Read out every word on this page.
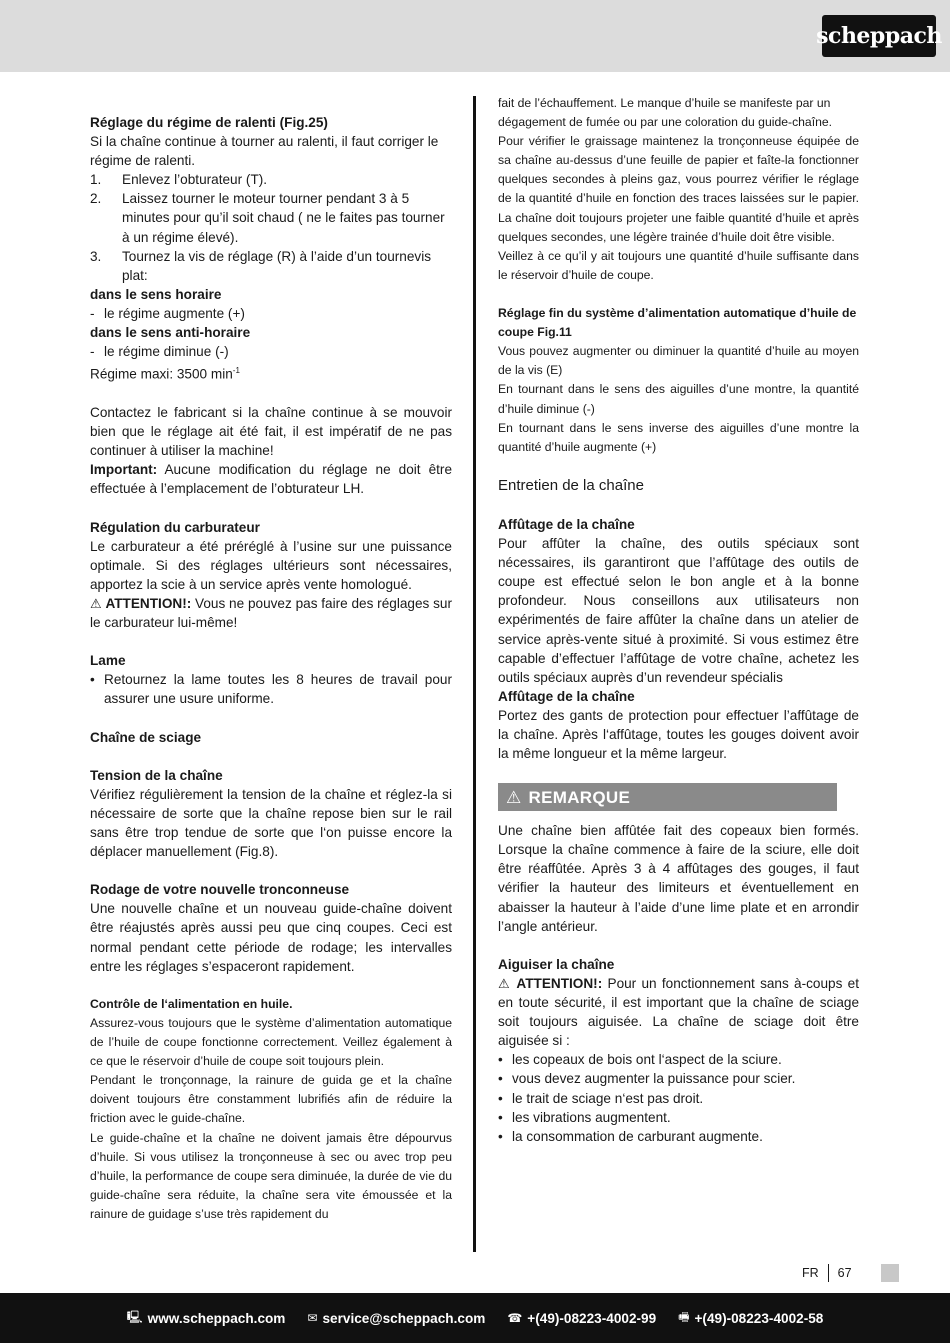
scheppach

Réglage du régime de ralenti (Fig.25)

Si la chaîne continue à tourner au ralenti, il faut corriger le régime de ralenti.

1.	Enlevez l’obturateur (T).
2.	Laissez tourner le moteur tourner pendant 3 à 5 minutes pour qu’il soit chaud ( ne le faites pas tourner à un régime élevé).
3.	Tournez la vis de réglage (R) à l’aide d’un tournevis plat:

dans le sens horaire

- le régime augmente (+)

dans le sens anti-horaire

- le régime diminue (-)

Régime maxi: 3500 $\min^{-1}$

Contactez le fabricant si la chaîne continue à se mouvoir bien que le réglage ait été fait, il est impératif de ne pas continuer à utiliser la machine!

Important: Aucune modification du réglage ne doit être effectuée à l’emplacement de l’obturateur LH.

Régulation du carburateur

Le carburateur a été préréglé à l’usine sur une puissance optimale. Si des réglages ultérieurs sont nécessaires, apportez la scie à un service après vente homologué.

⚠ ATTENTION!: Vous ne pouvez pas faire des réglages sur le carburateur lui-même!

Lame

• Retournez la lame toutes les 8 heures de travail pour assurer une usure uniforme.

Chaîne de sciage

Tension de la chaîne

Vérifiez régulièrement la tension de la chaîne et réglez-la si nécessaire de sorte que la chaîne repose bien sur le rail sans être trop tendue de sorte que l‘on puisse encore la déplacer manuellement (Fig.8).

Rodage de votre nouvelle tronconneuse

Une nouvelle chaîne et un nouveau guide-chaîne doivent être réajustés après aussi peu que cinq coupes. Ceci est normal pendant cette période de rodage; les intervalles entre les réglages s’espaceront rapidement.

Contrôle de l‘alimentation en huile.

Assurez-vous toujours que le système d’alimentation automatique de l’huile de coupe fonctionne correctement. Veillez également à ce que le réservoir d’huile de coupe soit toujours plein.

Pendant le tronçonnage, la rainure de guida ge et la chaîne doivent toujours être constamment lubrifiés afin de réduire la friction avec le guide-chaîne.

Le guide-chaîne et la chaîne ne doivent jamais être dépourvus d’huile. Si vous utilisez la tronçonneuse à sec ou avec trop peu d’huile, la performance de coupe sera diminuée, la durée de vie du guide-chaîne sera réduite, la chaîne sera vite émoussée et la rainure de guidage s’use très rapidement du

fait de l’échauffement. Le manque d’huile se manifeste par un dégagement de fumée ou par une coloration du guide-chaîne.

Pour vérifier le graissage maintenez la tronçonneuse équipée de sa chaîne au-dessus d’une feuille de papier et faîte-la fonctionner quelques secondes à pleins gaz, vous pourrez vérifier le réglage de la quantité d’huile en fonction des traces laissées sur le papier. La chaîne doit toujours projeter une faible quantité d’huile et après quelques secondes, une légère trainée d’huile doit être visible.

Veillez à ce qu’il y ait toujours une quantité d’huile suffisante dans le réservoir d’huile de coupe.

Réglage fin du système d’alimentation automatique d’huile de coupe Fig.11

Vous pouvez augmenter ou diminuer la quantité d’huile au moyen de la vis (E)

En tournant dans le sens des aiguilles d’une montre, la quantité d’huile diminue (-)

En tournant dans le sens inverse des aiguilles d’une montre la quantité d’huile augmente (+)

Entretien de la chaîne

Affûtage de la chaîne

Pour affûter la chaîne, des outils spéciaux sont nécessaires, ils garantiront que l’affûtage des outils de coupe est effectué selon le bon angle et à la bonne profondeur. Nous conseillons aux utilisateurs non expérimentés de faire affûter la chaîne dans un atelier de service après-vente situé à proximité. Si vous estimez être capable d’effectuer l’affûtage de votre chaîne, achetez les outils spéciaux auprès d’un revendeur spécialis

Affûtage de la chaîne

Portez des gants de protection pour effectuer l’affûtage de la chaîne. Après l‘affûtage, toutes les gouges doivent avoir la même longueur et la même largeur.

⚠ REMARQUE

Une chaîne bien affûtée fait des copeaux bien formés. Lorsque la chaîne commence à faire de la sciure, elle doit être réaffûtée. Après 3 à 4 affûtages des gouges, il faut vérifier la hauteur des limiteurs et éventuellement en abaisser la hauteur à l’aide d’une lime plate et en arrondir l’angle antérieur.

Aiguiser la chaîne

⚠ ATTENTION!: Pour un fonctionnement sans à-coups et en toute sécurité, il est important que la chaîne de sciage soit toujours aiguisée. La chaîne de sciage doit être aiguisée si :

• les copeaux de bois ont l‘aspect de la sciure.
• vous devez augmenter la puissance pour scier.
• le trait de sciage n‘est pas droit.
• les vibrations augmentent.
• la consommation de carburant augmente.
FR 67
🖳 www.scheppach.com ✉ service@scheppach.com ☎ +(49)-08223-4002-99 🖷 +(49)-08223-4002-58
